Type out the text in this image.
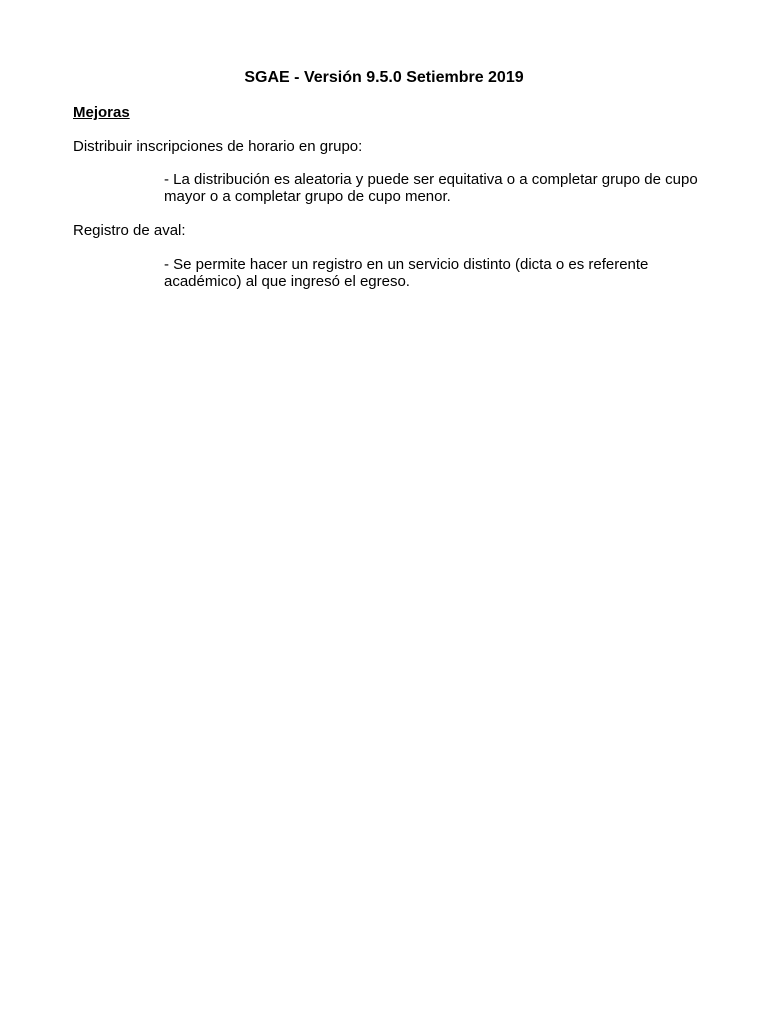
SGAE - Versión 9.5.0 Setiembre 2019
Mejoras
Distribuir inscripciones de horario en grupo:
- La distribución es aleatoria y puede ser equitativa o a completar grupo de cupo mayor o a completar grupo de cupo menor.
Registro de aval:
- Se permite hacer un registro en un servicio distinto (dicta o es referente académico) al que ingresó el egreso.
